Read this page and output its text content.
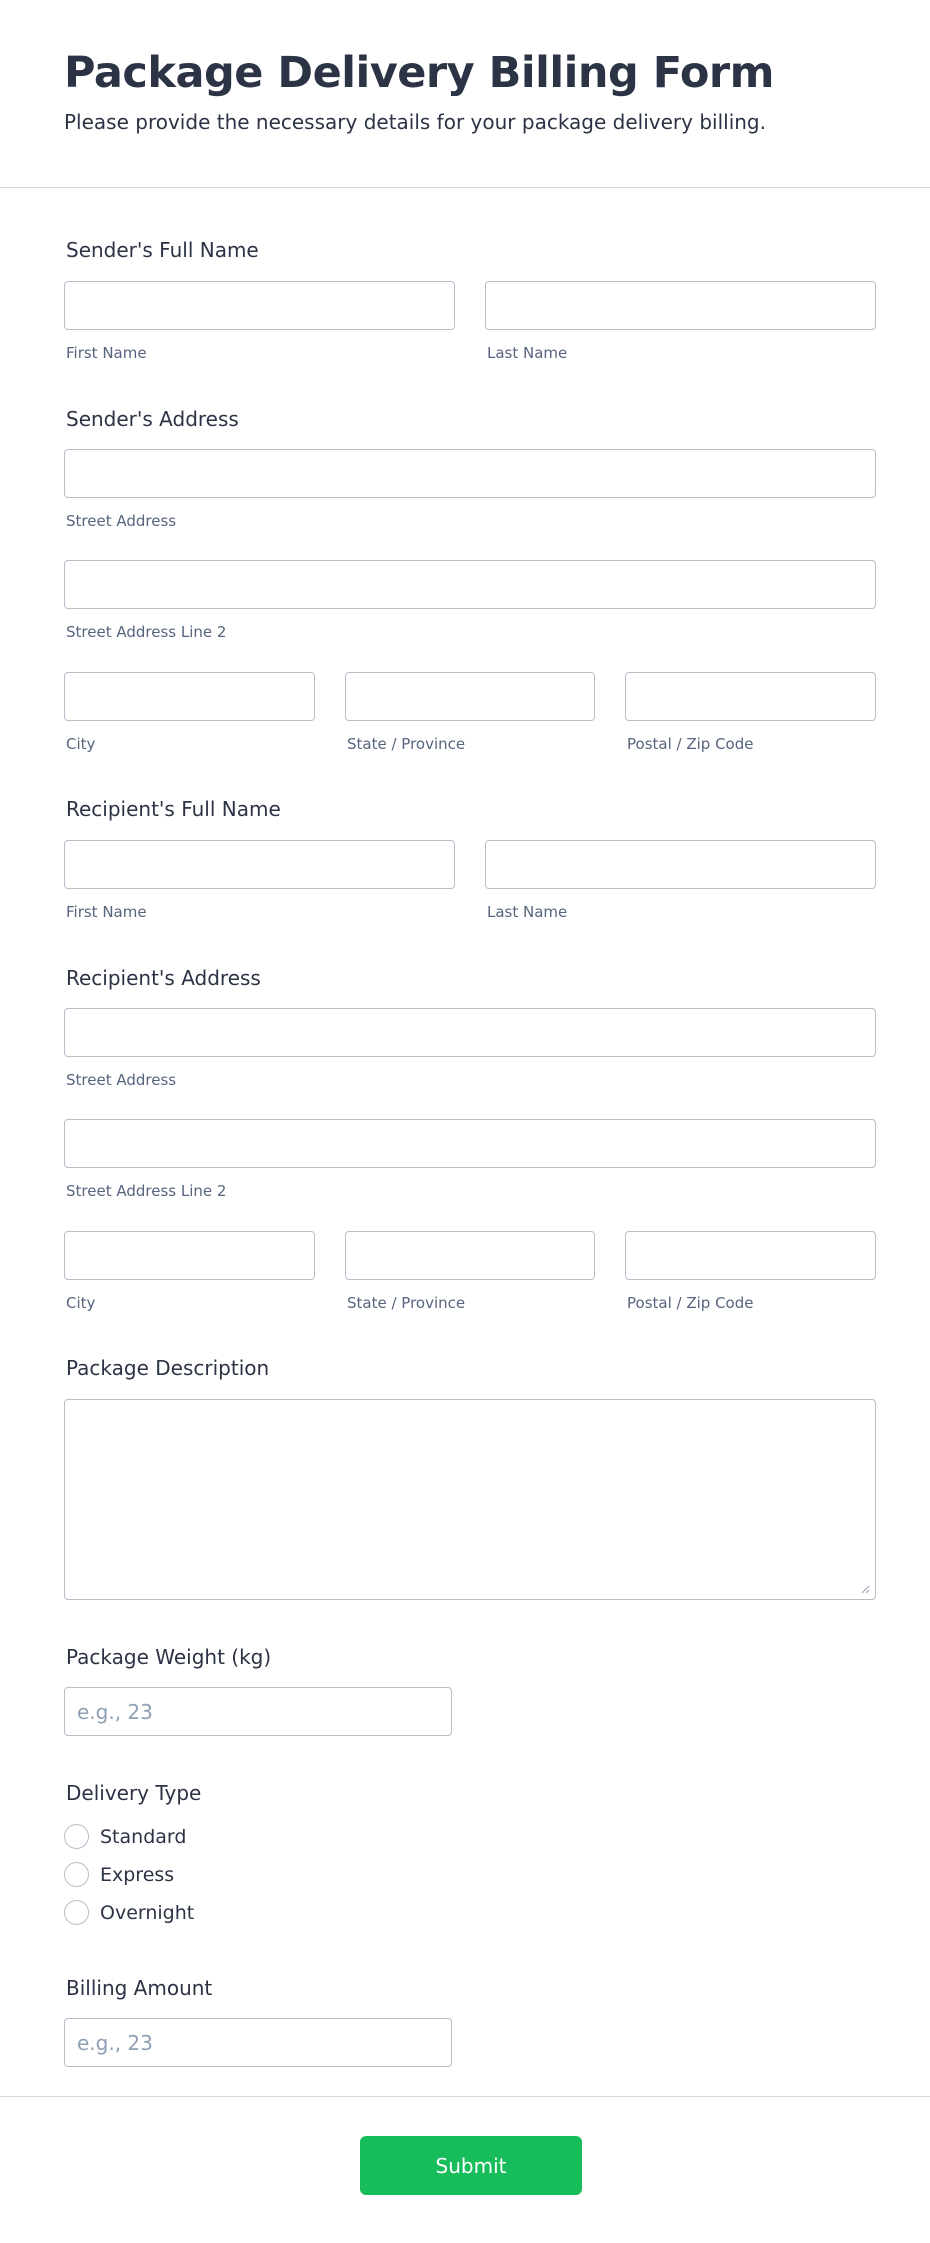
Package Delivery Billing Form

Please provide the necessary details for your package delivery billing.

Sender's Full Name
First Name	Last Name
Sender's Address
Street Address
Street Address Line 2
City	State / Province	Postal / Zip Code
Recipient's Full Name
First Name	Last Name
Recipient's Address
Street Address
Street Address Line 2
City	State / Province	Postal / Zip Code
Package Description
Package Weight (kg)
e.g., 23
Delivery Type
Standard
Express
Overnight
Billing Amount
e.g., 23
Submit
